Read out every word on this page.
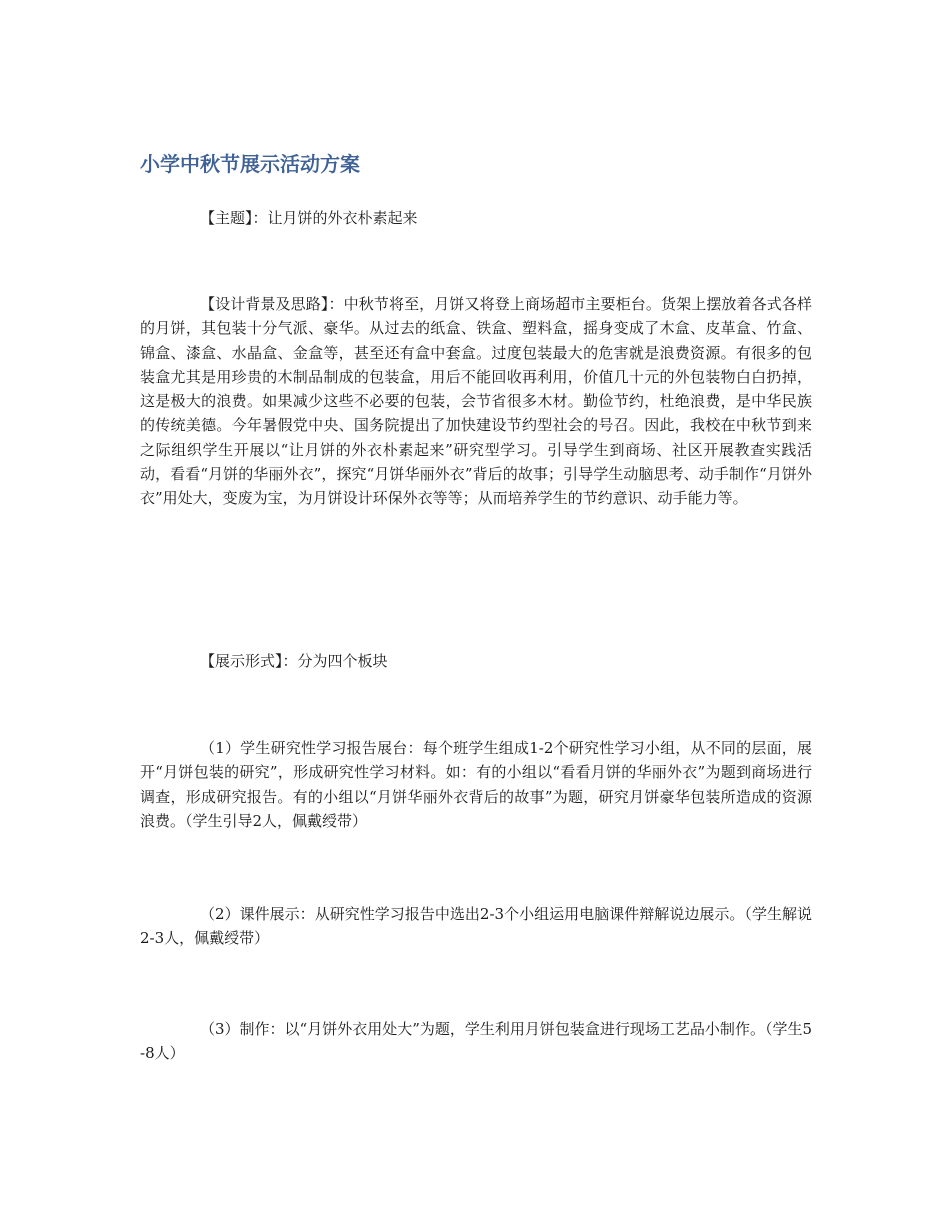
小学中秋节展示活动方案

【主题】：让月饼的外衣朴素起来

【设计背景及思路】：中秋节将至，月饼又将登上商场超市主要柜台。货架上摆放着各式各样的月饼，其包装十分气派、豪华。从过去的纸盒、铁盒、塑料盒，摇身变成了木盒、皮革盒、竹盒、锦盒、漆盒、水晶盒、金盒等，甚至还有盒中套盒。过度包装最大的危害就是浪费资源。有很多的包装盒尤其是用珍贵的木制品制成的包装盒，用后不能回收再利用，价值几十元的外包装物白白扔掉，这是极大的浪费。如果减少这些不必要的包装，会节省很多木材。勤俭节约，杜绝浪费，是中华民族的传统美德。今年暑假党中央、国务院提出了加快建设节约型社会的号召。因此，我校在中秋节到来之际组织学生开展以“让月饼的外衣朴素起来”研究型学习。引导学生到商场、社区开展教查实践活动，看看“月饼的华丽外衣”，探究“月饼华丽外衣”背后的故事；引导学生动脑思考、动手制作“月饼外衣”用处大，变废为宝，为月饼设计环保外衣等等；从而培养学生的节约意识、动手能力等。

【展示形式】：分为四个板块

（1）学生研究性学习报告展台：每个班学生组成1-2个研究性学习小组，从不同的层面，展开“月饼包装的研究”，形成研究性学习材料。如：有的小组以“看看月饼的华丽外衣”为题到商场进行调查，形成研究报告。有的小组以“月饼华丽外衣背后的故事”为题，研究月饼豪华包装所造成的资源浪费。（学生引导2人，佩戴绶带）

（2）课件展示：从研究性学习报告中选出2-3个小组运用电脑课件辩解说边展示。（学生解说2-3人，佩戴绶带）

（3）制作：以“月饼外衣用处大”为题，学生利用月饼包装盒进行现场工艺品小制作。（学生5-8人）
